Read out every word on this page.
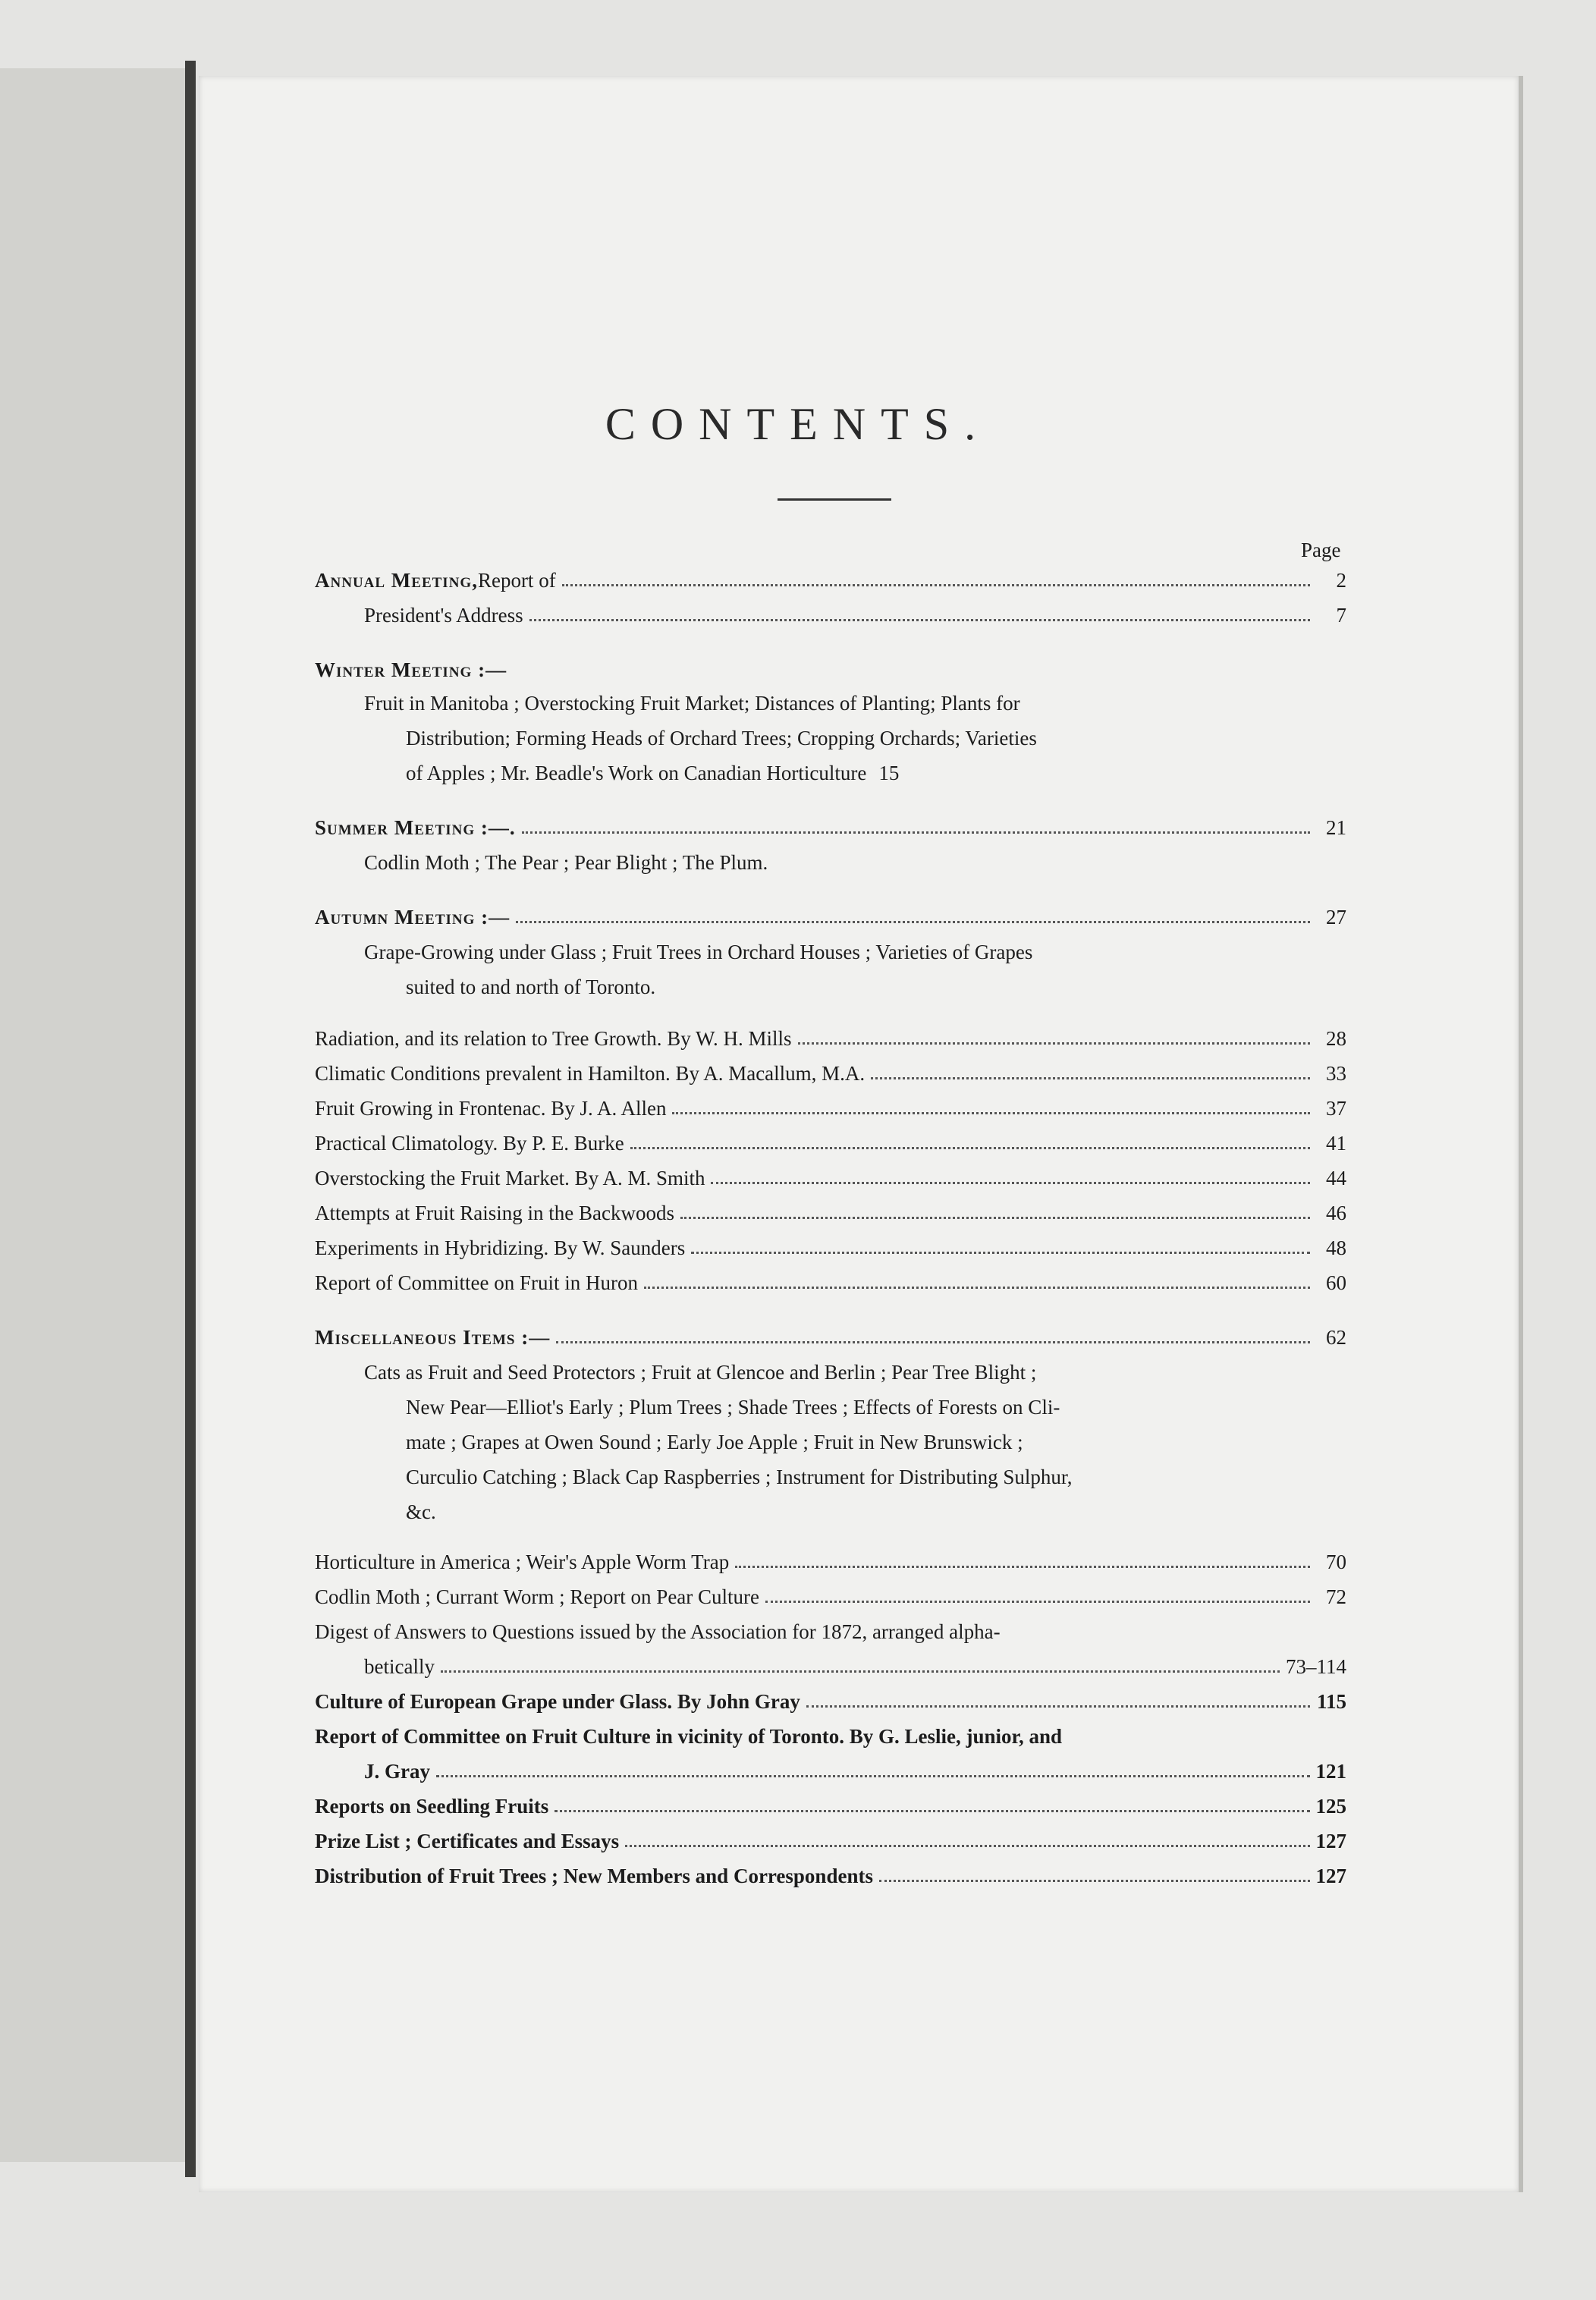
CONTENTS.
Page
Annual Meeting, Report of	2
President's Address	7
Winter Meeting :—
Fruit in Manitoba ; Overstocking Fruit Market; Distances of Planting; Plants for
Distribution; Forming Heads of Orchard Trees; Cropping Orchards; Varieties
of Apples ; Mr. Beadle's Work on Canadian Horticulture 15
Summer Meeting :—.	21
Codlin Moth ; The Pear ; Pear Blight ; The Plum.
Autumn Meeting :—	27
Grape-Growing under Glass ; Fruit Trees in Orchard Houses ; Varieties of Grapes
suited to and north of Toronto.
Radiation, and its relation to Tree Growth. By W. H. Mills	28
Climatic Conditions prevalent in Hamilton. By A. Macallum, M.A.	33
Fruit Growing in Frontenac. By J. A. Allen	37
Practical Climatology. By P. E. Burke	41
Overstocking the Fruit Market. By A. M. Smith	44
Attempts at Fruit Raising in the Backwoods	46
Experiments in Hybridizing. By W. Saunders	48
Report of Committee on Fruit in Huron	60
Miscellaneous Items :—	62
Cats as Fruit and Seed Protectors ; Fruit at Glencoe and Berlin ; Pear Tree Blight ;
New Pear—Elliot's Early ; Plum Trees ; Shade Trees ; Effects of Forests on Cli-
mate ; Grapes at Owen Sound ; Early Joe Apple ; Fruit in New Brunswick ;
Curculio Catching ; Black Cap Raspberries ; Instrument for Distributing Sulphur,
&c.
Horticulture in America ; Weir's Apple Worm Trap	70
Codlin Moth ; Currant Worm ; Report on Pear Culture	72
Digest of Answers to Questions issued by the Association for 1872, arranged alpha-
betically	73–114
Culture of European Grape under Glass. By John Gray	115
Report of Committee on Fruit Culture in vicinity of Toronto. By G. Leslie, junior, and
J. Gray	121
Reports on Seedling Fruits	125
Prize List ; Certificates and Essays	127
Distribution of Fruit Trees ; New Members and Correspondents	127
